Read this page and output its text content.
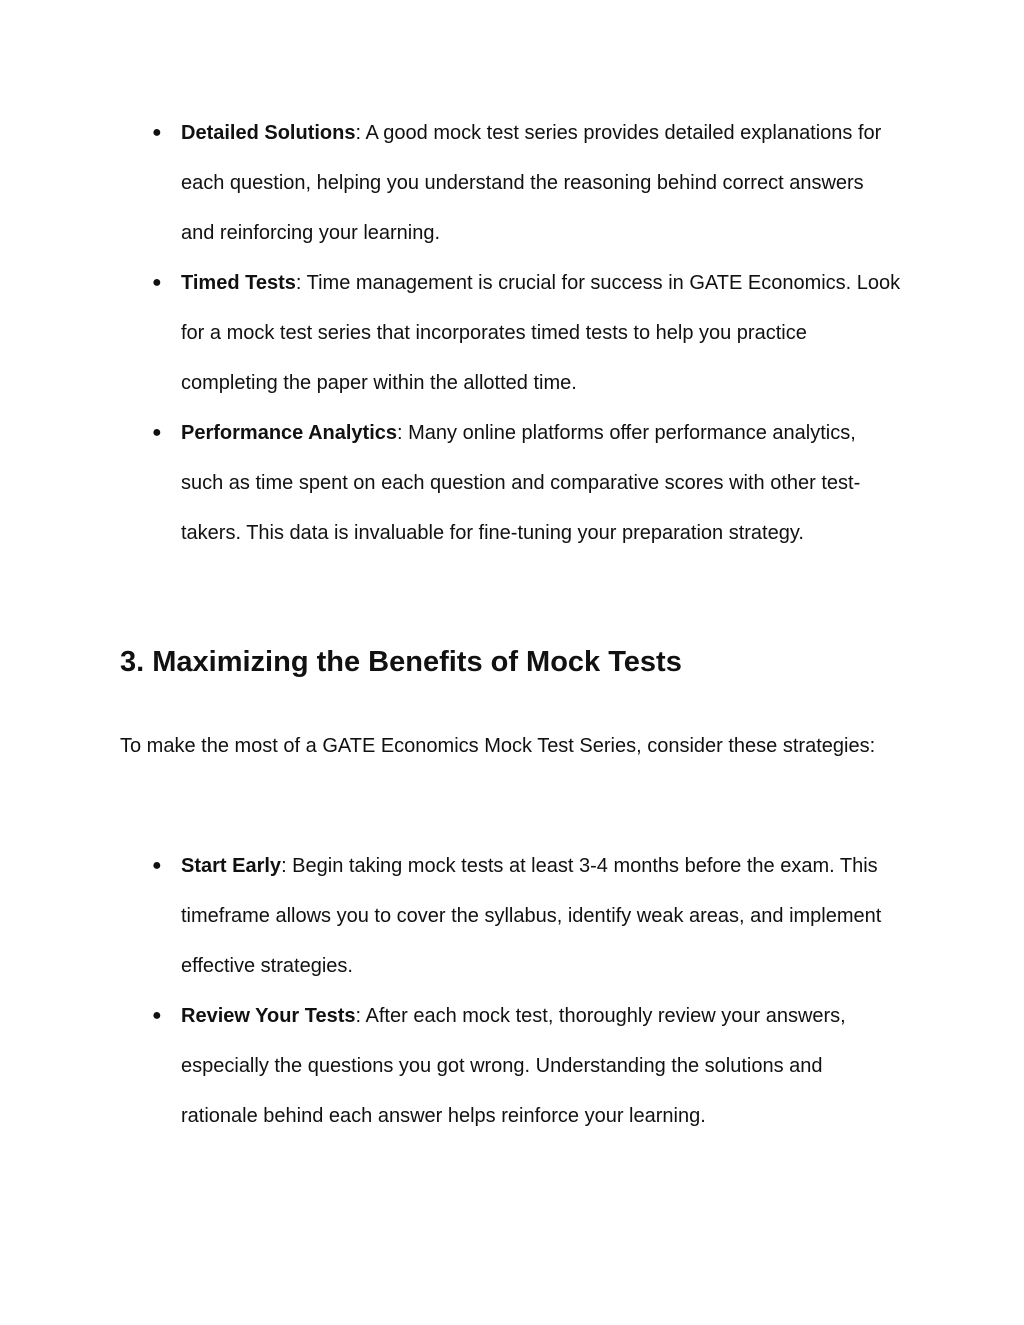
● Detailed Solutions: A good mock test series provides detailed explanations for each question, helping you understand the reasoning behind correct answers and reinforcing your learning.
● Timed Tests: Time management is crucial for success in GATE Economics. Look for a mock test series that incorporates timed tests to help you practice completing the paper within the allotted time.
● Performance Analytics: Many online platforms offer performance analytics, such as time spent on each question and comparative scores with other test-takers. This data is invaluable for fine-tuning your preparation strategy.
3. Maximizing the Benefits of Mock Tests

To make the most of a GATE Economics Mock Test Series, consider these strategies:

● Start Early: Begin taking mock tests at least 3-4 months before the exam. This timeframe allows you to cover the syllabus, identify weak areas, and implement effective strategies.
● Review Your Tests: After each mock test, thoroughly review your answers, especially the questions you got wrong. Understanding the solutions and rationale behind each answer helps reinforce your learning.
